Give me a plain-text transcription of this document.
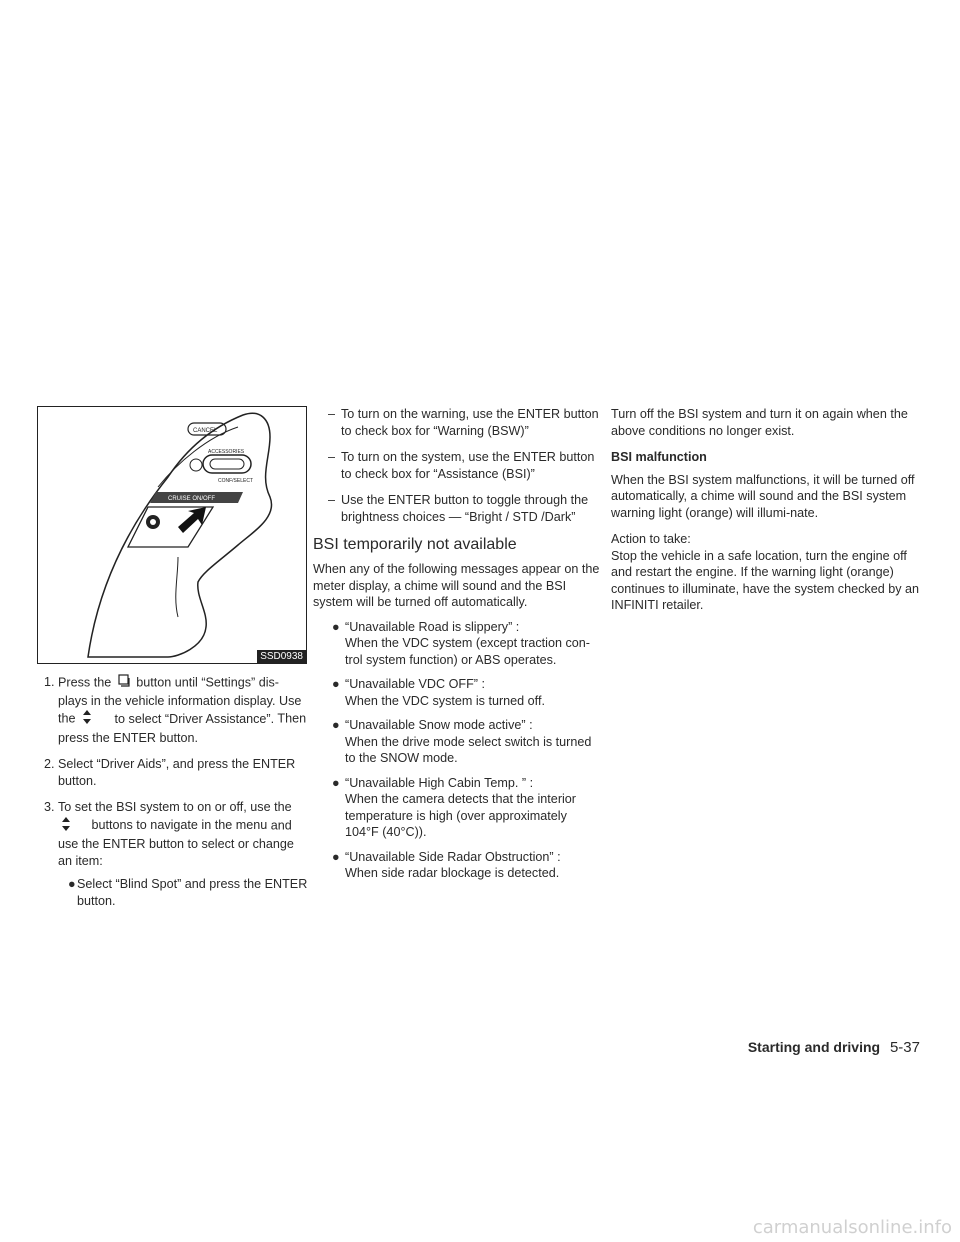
CANCEL
ACCESSORIES
CONF/SELECT
CRUISE ON/OFF
SSD0938
1. Press the button until “Settings” dis- plays in the vehicle information display. Use the	to select “Driver Assistance”. Then press the ENTER button.
2. Select “Driver Aids”, and press the ENTER button.
3. To set the BSI system to on or off, use the  buttons to navigate in the menu and use the ENTER button to select or change an item:
● Select “Blind Spot” and press the ENTER button.
– To turn on the warning, use the ENTER button to check box for “Warning (BSW)”
– To turn on the system, use the ENTER button to check box for “Assistance (BSI)”
– Use the ENTER button to toggle through the brightness choices — “Bright / STD /Dark”
BSI temporarily not available
When any of the following messages appear on the meter display, a chime will sound and the BSI system will be turned off automatically.
● “Unavailable Road is slippery” :
When the VDC system (except traction con-trol system function) or ABS operates.
● “Unavailable VDC OFF” :
When the VDC system is turned off.
● “Unavailable Snow mode active” :
When the drive mode select switch is turned to the SNOW mode.
● “Unavailable High Cabin Temp. ” :
When the camera detects that the interior temperature is high (over approximately 104°F (40°C)).
● “Unavailable Side Radar Obstruction” :
When side radar blockage is detected.
Turn off the BSI system and turn it on again when the above conditions no longer exist.
BSI malfunction
When the BSI system malfunctions, it will be turned off automatically, a chime will sound and the BSI system warning light (orange) will illumi-nate.
Action to take:
Stop the vehicle in a safe location, turn the engine off and restart the engine. If the warning light (orange) continues to illuminate, have the system checked by an INFINITI retailer.
Starting and driving 5-37
carmanualsonline.info
